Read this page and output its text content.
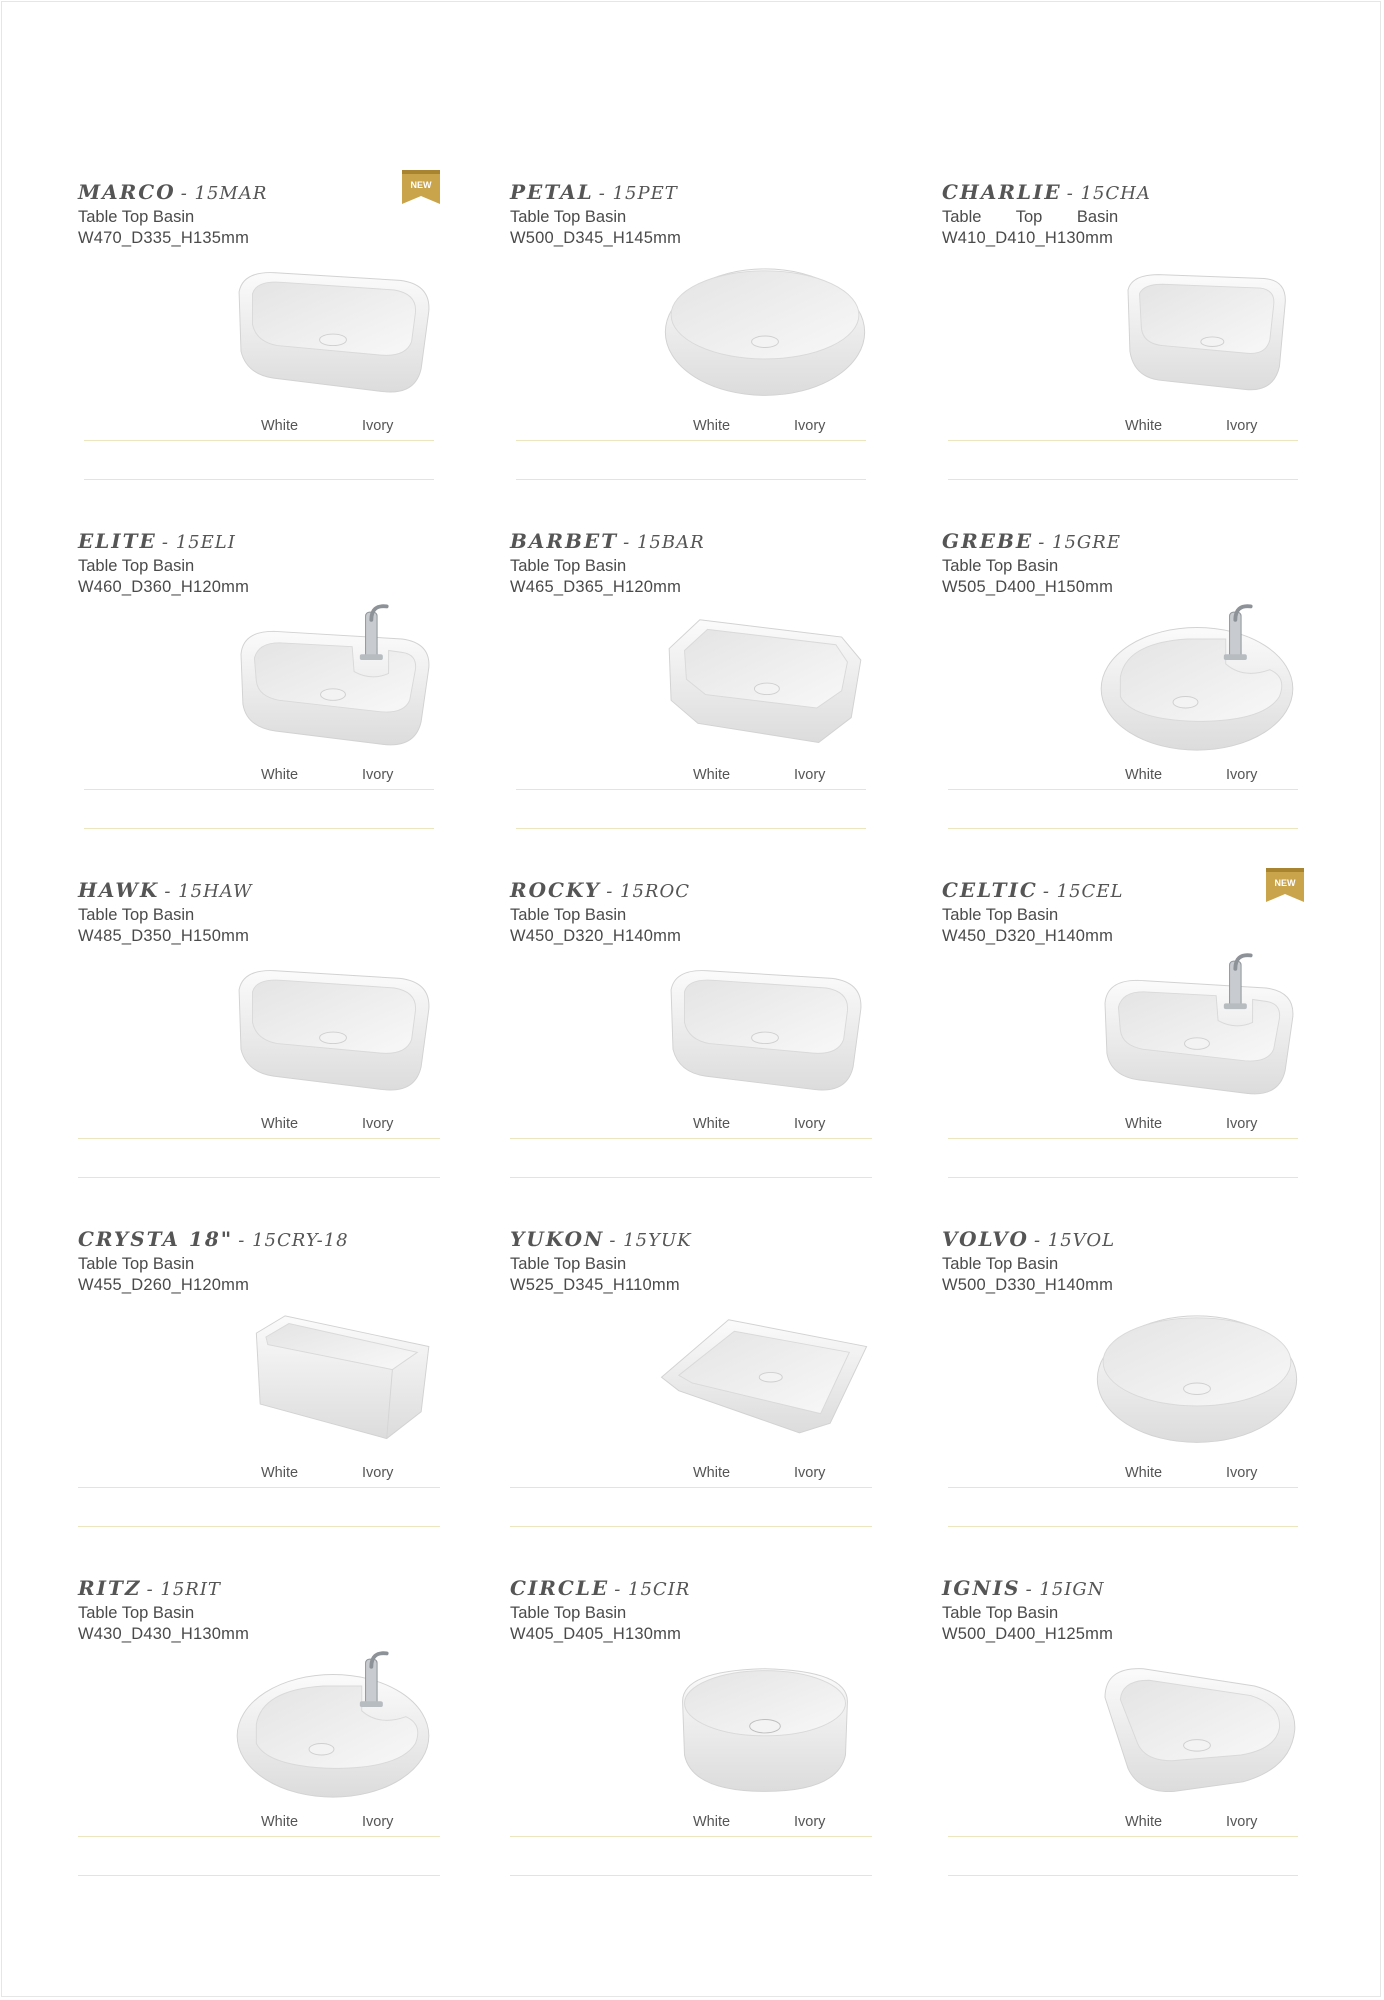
MARCO - 15MAR
Table Top Basin
W470_D335_H135mm
White	Ivory
NEW	PETAL - 15PET
Table Top Basin
W500_D345_H145mm
White	Ivory
CHARLIE - 15CHA
Table Top Basin
W410_D410_H130mm
White	Ivory
ELITE - 15ELI
Table Top Basin
W460_D360_H120mm
White	Ivory
BARBET - 15BAR
Table Top Basin
W465_D365_H120mm
White	Ivory
GREBE - 15GRE
Table Top Basin
W505_D400_H150mm
White	Ivory
HAWK - 15HAW
Table Top Basin
W485_D350_H150mm
White	Ivory
ROCKY - 15ROC
Table Top Basin
W450_D320_H140mm
White	Ivory
CELTIC - 15CEL
Table Top Basin
W450_D320_H140mm
White	Ivory
NEW
CRYSTA 18" - 15CRY-18
Table Top Basin
W455_D260_H120mm
White	Ivory
YUKON - 15YUK
Table Top Basin
W525_D345_H110mm
White	Ivory
VOLVO - 15VOL
Table Top Basin
W500_D330_H140mm
White	Ivory
RITZ - 15RIT
Table Top Basin
W430_D430_H130mm
White	Ivory
CIRCLE - 15CIR
Table Top Basin
W405_D405_H130mm
White	Ivory
IGNIS - 15IGN
Table Top Basin
W500_D400_H125mm
White	Ivory
